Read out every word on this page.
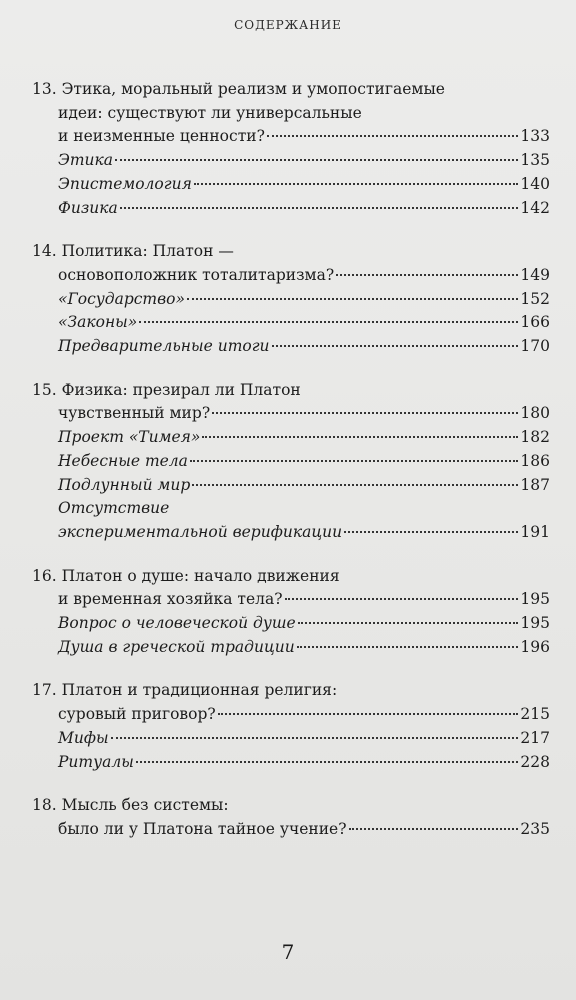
СОДЕРЖАНИЕ
13. Этика, моральный реализм и умопостигаемые
идеи: существуют ли универсальные
и неизменные ценности?	133
Этика	135
Эпистемология	140
Физика	142
14. Политика: Платон —
основоположник тоталитаризма?	149
«Государство»	152
«Законы»	166
Предварительные итоги	170
15. Физика: презирал ли Платон
чувственный мир?	180
Проект «Тимея»	182
Небесные тела	186
Подлунный мир	187
Отсутствие
экспериментальной верификации	191
16. Платон о душе: начало движения
и временная хозяйка тела?	195
Вопрос о человеческой душе	195
Душа в греческой традиции	196
17. Платон и традиционная религия:
суровый приговор?	215
Мифы	217
Ритуалы	228
18. Мысль без системы:
было ли у Платона тайное учение?	235
7
